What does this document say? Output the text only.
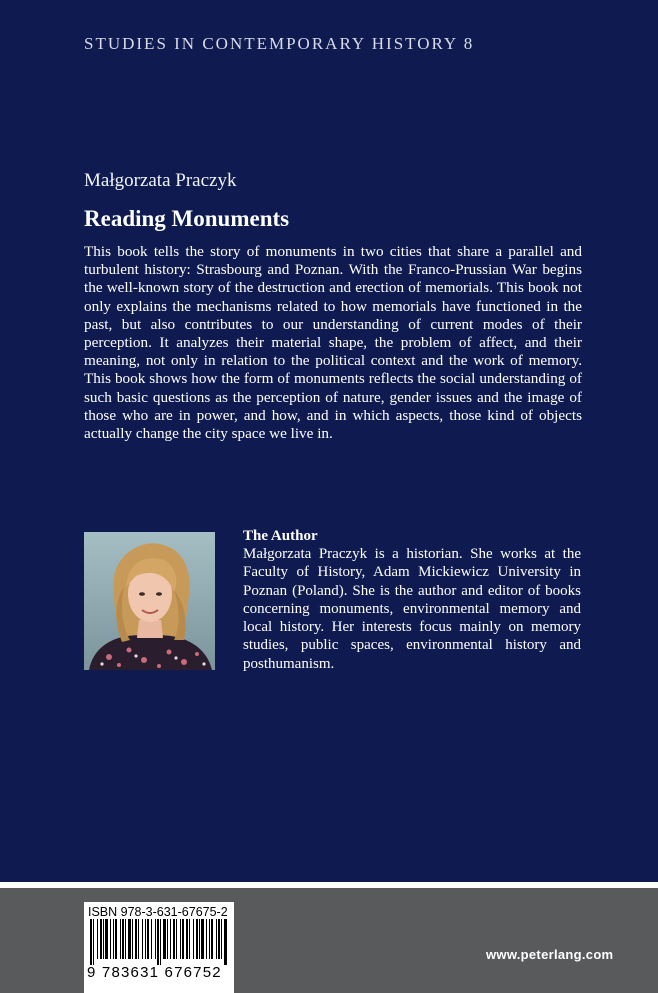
STUDIES IN CONTEMPORARY HISTORY 8
Małgorzata Praczyk
Reading Monuments

This book tells the story of monuments in two cities that share a parallel and turbulent history: Strasbourg and Poznan. With the Franco-Prussian War begins the well-known story of the destruction and erection of memorials. This book not only explains the mechanisms related to how memorials have functioned in the past, but also contributes to our understanding of current modes of their perception. It analyzes their material shape, the problem of affect, and their meaning, not only in relation to the political context and the work of memory. This book shows how the form of monuments reflects the social understanding of such basic questions as the perception of nature, gender issues and the image of those who are in power, and how, and in which aspects, those kind of objects actually change the city space we live in.

The Author

Małgorzata Praczyk is a historian. She works at the Faculty of History, Adam Mickiewicz University in Poznan (Poland). She is the author and editor of books concerning monuments, environmental memory and local history. Her interests focus mainly on memory studies, public spaces, environmental history and posthumanism.

ISBN 978-3-631-67675-2
9 783631 676752
www.peterlang.com
